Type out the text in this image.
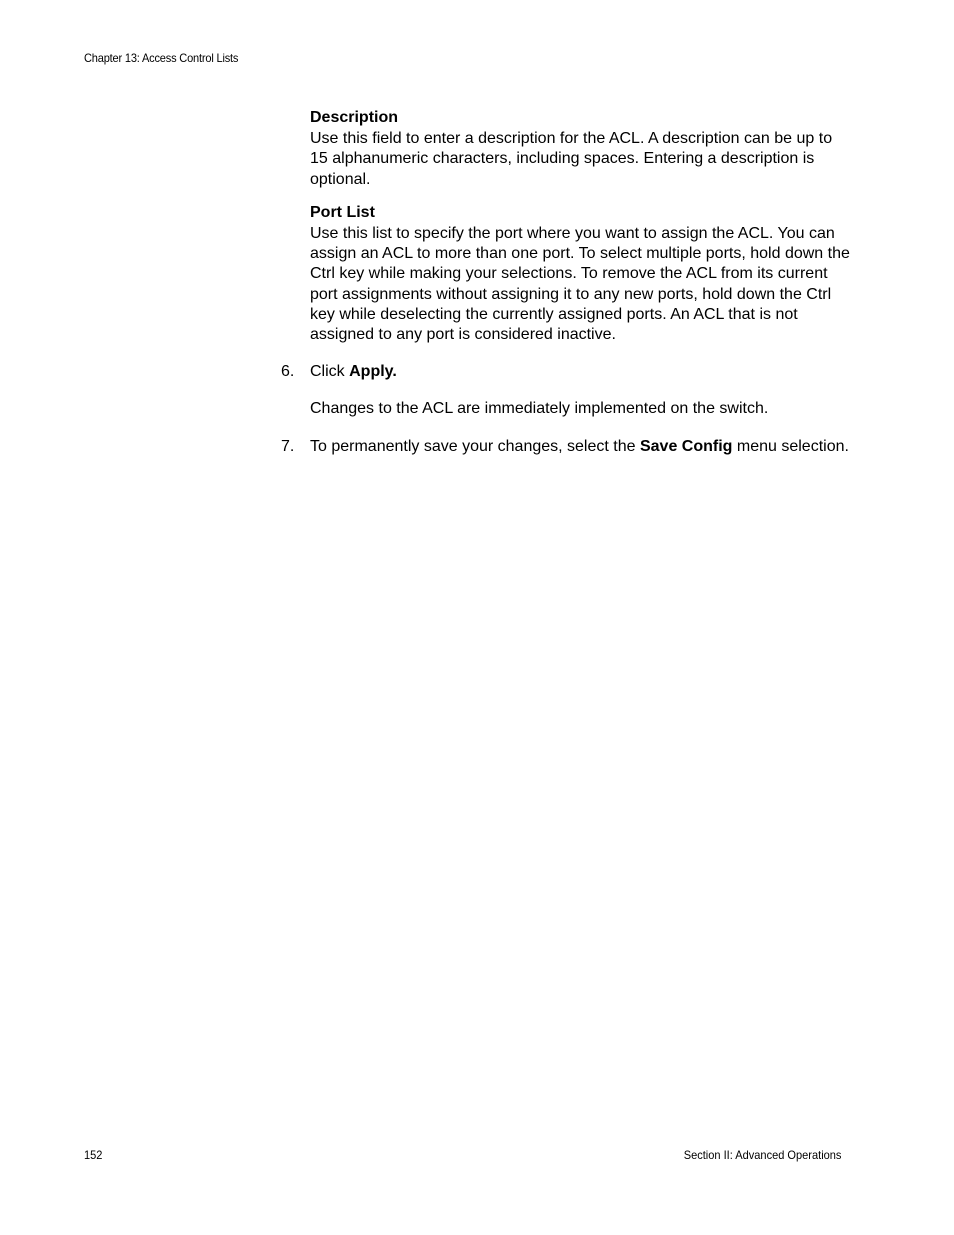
Chapter 13: Access Control Lists

Description

Use this field to enter a description for the ACL. A description can be up to 15 alphanumeric characters, including spaces. Entering a description is optional.

Port List

Use this list to specify the port where you want to assign the ACL. You can assign an ACL to more than one port. To select multiple ports, hold down the Ctrl key while making your selections. To remove the ACL from its current port assignments without assigning it to any new ports, hold down the Ctrl key while deselecting the currently assigned ports. An ACL that is not assigned to any port is considered inactive.

6. Click Apply.

Changes to the ACL are immediately implemented on the switch.

7. To permanently save your changes, select the Save Config menu selection.

152	Section II: Advanced Operations
